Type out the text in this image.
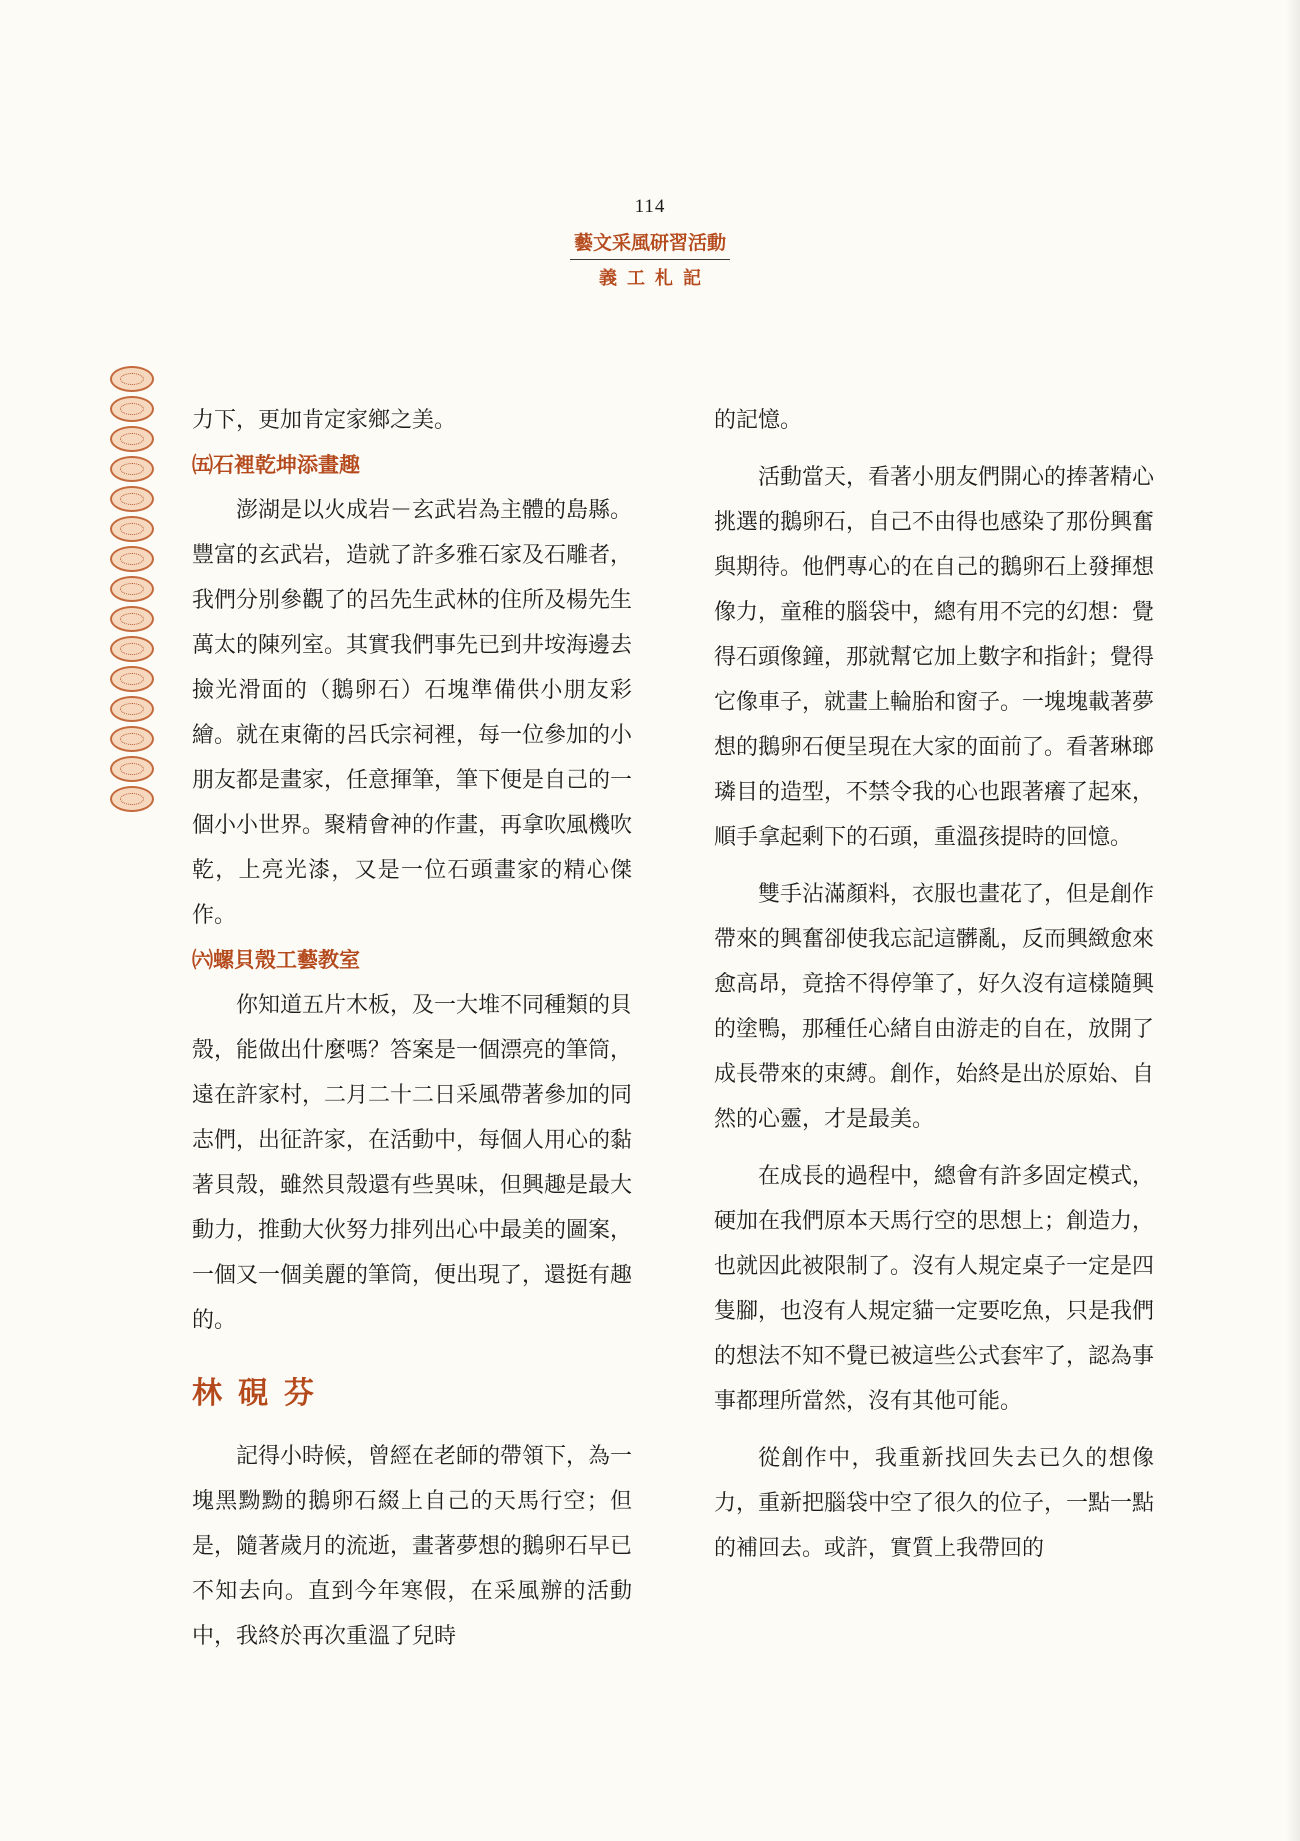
114
藝文采風研習活動
義工札記

力下，更加肯定家鄉之美。

㈤石裡乾坤添畫趣

澎湖是以火成岩－玄武岩為主體的島縣。豐富的玄武岩，造就了許多雅石家及石雕者，我們分別參觀了的呂先生武林的住所及楊先生萬太的陳列室。其實我們事先已到井垵海邊去撿光滑面的（鵝卵石）石塊準備供小朋友彩繪。就在東衛的呂氏宗祠裡，每一位參加的小朋友都是畫家，任意揮筆，筆下便是自己的一個小小世界。聚精會神的作畫，再拿吹風機吹乾，上亮光漆，又是一位石頭畫家的精心傑作。

㈥螺貝殼工藝教室

你知道五片木板，及一大堆不同種類的貝殼，能做出什麼嗎？答案是一個漂亮的筆筒，遠在許家村，二月二十二日采風帶著參加的同志們，出征許家，在活動中，每個人用心的黏著貝殼，雖然貝殼還有些異味，但興趣是最大動力，推動大伙努力排列出心中最美的圖案，一個又一個美麗的筆筒，便出現了，還挺有趣的。

林硯芬

記得小時候，曾經在老師的帶領下，為一塊黑黝黝的鵝卵石綴上自己的天馬行空；但是，隨著歲月的流逝，畫著夢想的鵝卵石早已不知去向。直到今年寒假，在采風辦的活動中，我終於再次重溫了兒時

的記憶。

活動當天，看著小朋友們開心的捧著精心挑選的鵝卵石，自己不由得也感染了那份興奮與期待。他們專心的在自己的鵝卵石上發揮想像力，童稚的腦袋中，總有用不完的幻想：覺得石頭像鐘，那就幫它加上數字和指針；覺得它像車子，就畫上輪胎和窗子。一塊塊載著夢想的鵝卵石便呈現在大家的面前了。看著琳瑯璘目的造型，不禁令我的心也跟著癢了起來，順手拿起剩下的石頭，重溫孩提時的回憶。

雙手沾滿顏料，衣服也畫花了，但是創作帶來的興奮卻使我忘記這髒亂，反而興緻愈來愈高昂，竟捨不得停筆了，好久沒有這樣隨興的塗鴨，那種任心緒自由游走的自在，放開了成長帶來的束縛。創作，始終是出於原始、自然的心靈，才是最美。

在成長的過程中，總會有許多固定模式，硬加在我們原本天馬行空的思想上；創造力，也就因此被限制了。沒有人規定桌子一定是四隻腳，也沒有人規定貓一定要吃魚，只是我們的想法不知不覺已被這些公式套牢了，認為事事都理所當然，沒有其他可能。

從創作中，我重新找回失去已久的想像力，重新把腦袋中空了很久的位子，一點一點的補回去。或許，實質上我帶回的
